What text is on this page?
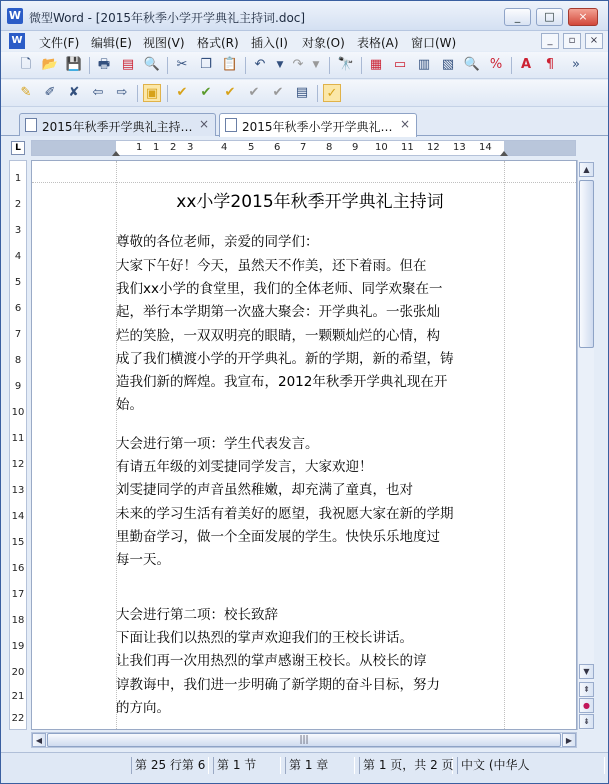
W 微型Word - [2015年秋季小学开学典礼主持词.doc]	_	□	×
W 文件(F) 编辑(E) 视图(V) 格式(R) 插入(I) 对象(O) 表格(A) 窗口(W)	_	▫	×
🗋 📂 💾 🖶 ▤ 🔍 ✂ ❐ 📋 ↶	▼ ↷	▼	🔭 ▦ ▭ ▥ ▧ 🔍 %	A	¶	»
✎ ✐ ✘ ⇦ ⇨ ▣ ✔ ✔ ✔ ✔ ✔ ▤ ✓
2015年秋季开学典礼主持… ×	2015年秋季小学开学典礼… ×
L	1 1 2 3	4 5 6 7 8 9 10 11 12 13 14
1
2
3
4
5
6
7
8
9
10
11
12
13
14
15
16
17
18
19
20
21
22
xx小学2015年秋季开学典礼主持词
尊敬的各位老师，亲爱的同学们：
大家下午好！今天，虽然天不作美，还下着雨。但在
我们xx小学的食堂里，我们的全体老师、同学欢聚在一
起，举行本学期第一次盛大聚会：开学典礼。一张张灿
烂的笑脸，一双双明亮的眼睛，一颗颗灿烂的心情，构
成了我们横渡小学的开学典礼。新的学期，新的希望，铸
造我们新的辉煌。我宣布，2012年秋季开学典礼现在开
始。
大会进行第一项：学生代表发言。
有请五年级的刘雯捷同学发言，大家欢迎！
刘雯捷同学的声音虽然稚嫩，却充满了童真，也对
未来的学习生活有着美好的愿望，我祝愿大家在新的学期
里勤奋学习，做一个全面发展的学生。快快乐乐地度过
每一天。
大会进行第二项：校长致辞
下面让我们以热烈的掌声欢迎我们的王校长讲话。
让我们再一次用热烈的掌声感谢王校长。从校长的谆
谆教诲中，我们进一步明确了新学期的奋斗目标，努力
的方向。
▲
▼
⇞
●
⇟
◀	|||	▶
第 25 行第 6 第 1 节	第 1 章	第 1 页，共 2 页 中文 (中华人
